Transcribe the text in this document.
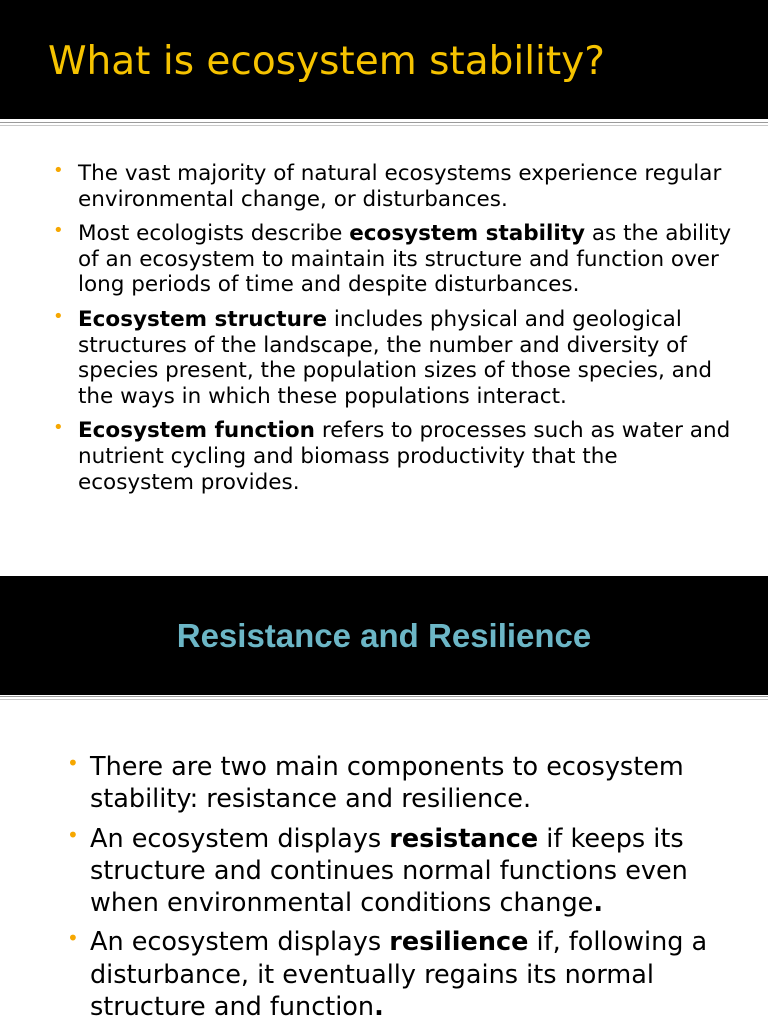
What is ecosystem stability?
• The vast majority of natural ecosystems experience regular environmental change, or disturbances.
• Most ecologists describe ecosystem stability as the ability of an ecosystem to maintain its structure and function over long periods of time and despite disturbances.
• Ecosystem structure includes physical and geological structures of the landscape, the number and diversity of species present, the population sizes of those species, and the ways in which these populations interact.
• Ecosystem function refers to processes such as water and nutrient cycling and biomass productivity that the ecosystem provides.
Resistance and Resilience
• There are two main components to ecosystem stability: resistance and resilience.
• An ecosystem displays resistance if keeps its structure and continues normal functions even when environmental conditions change.
• An ecosystem displays resilience if, following a disturbance, it eventually regains its normal structure and function.
